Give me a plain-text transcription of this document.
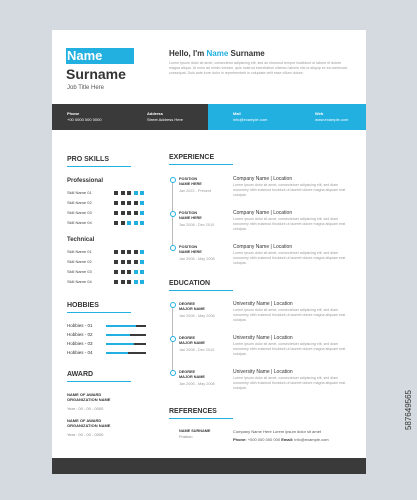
Name
Surname
Job Title Here
Hello, I'm Name Surname
Lorem ipsum dolor sit amet, consectetur adipiscing elit, sed do eiusmod tempor incididunt ut labore et dolore magna aliqua. Ut enim ad minim veniam, quis nostrud exercitation ullamco laboris nisi ut aliquip ex ea commodo consequat. Duis aute irure dolor in reprehenderit in voluptate velit esse cillum dolore.
Phone
+00 0000 000 0000
Address
Street Address Here
Mail
info@example.com
Web
www.example.com
PRO SKILLS
Professional
Skill Name 01
Skill Name 02
Skill Name 03
Skill Name 04
Technical
Skill Name 01
Skill Name 02
Skill Name 03
Skill Name 04
HOBBIES
Hobbies - 01
Hobbies - 02
Hobbies - 03
Hobbies - 04
AWARD
NAME OF AWARD
ORGANIZATION NAME
Year : 00 - 00 - 0000
NAME OF AWARD
ORGANIZATION NAME
Year : 00 - 00 - 0000
EXPERIENCE
POSITION
NAME HERE
Jan 2022 - Present
Company Name | Location
Lorem ipsum dolor sit amet, consectetuer adipiscing elit, sed diam nonummy nibh euismod tincidunt ut laoreet dolore magna aliquam erat volutpat.
POSITION
NAME HERE
Jan 2008 - Dec 2010
Company Name | Location
Lorem ipsum dolor sit amet, consectetuer adipiscing elit, sed diam nonummy nibh euismod tincidunt ut laoreet dolore magna aliquam erat volutpat.
POSITION
NAME HERE
Jan 2006 - May 2008
Company Name | Location
Lorem ipsum dolor sit amet, consectetuer adipiscing elit, sed diam nonummy nibh euismod tincidunt ut laoreet dolore magna aliquam erat volutpat.
EDUCATION
DEGREE
MAJOR NAME
Jan 2006 - May 2008
University Name | Location
Lorem ipsum dolor sit amet, consectetuer adipiscing elit, sed diam nonummy nibh euismod tincidunt ut laoreet dolore magna aliquam erat volutpat.
DEGREE
MAJOR NAME
Jan 2008 - Dec 2010
University Name | Location
Lorem ipsum dolor sit amet, consectetuer adipiscing elit, sed diam nonummy nibh euismod tincidunt ut laoreet dolore magna aliquam erat volutpat.
DEGREE
MAJOR NAME
Jan 2006 - May 2008
University Name | Location
Lorem ipsum dolor sit amet, consectetuer adipiscing elit, sed diam nonummy nibh euismod tincidunt ut laoreet dolore magna aliquam erat volutpat.
REFERENCES
NAME SURNAME
Position
Company Name Here Lorem ipsum dolor sit amet
Phone: +000 000 000 000 Email: info@example.com
587649565
